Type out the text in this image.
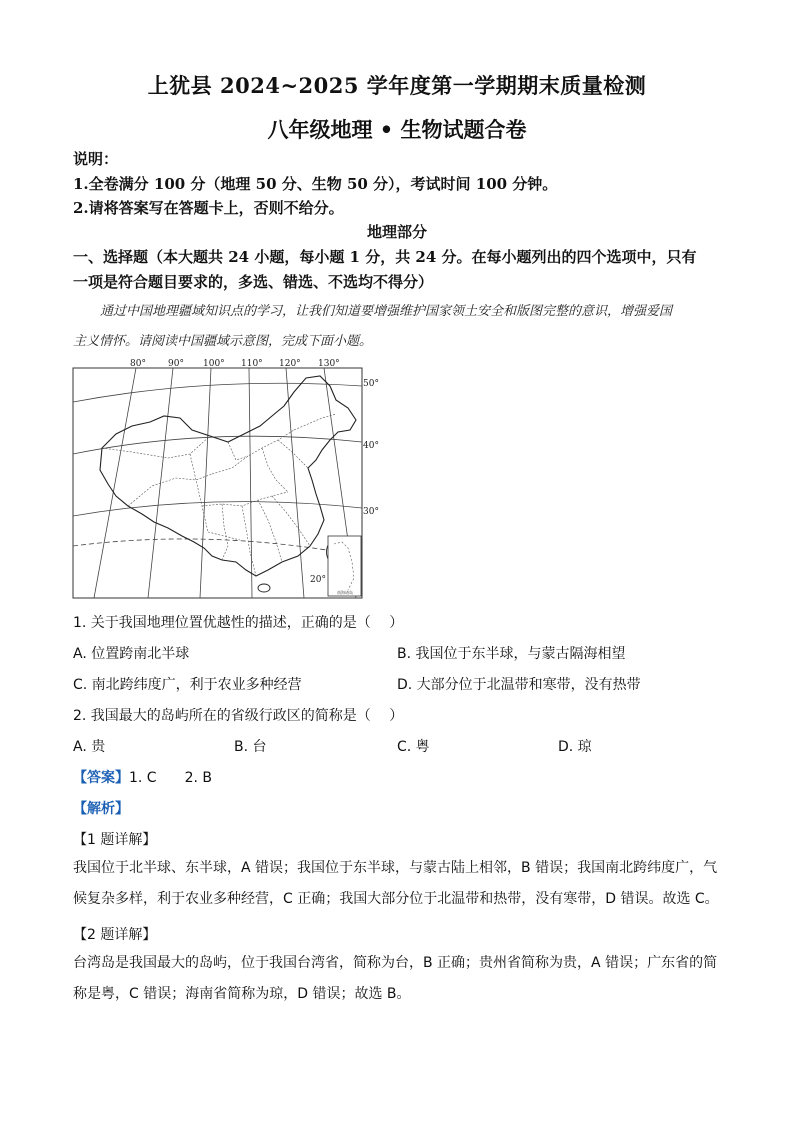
上犹县 2024~2025 学年度第一学期期末质量检测
八年级地理 • 生物试题合卷
说明：
1.全卷满分 100 分（地理 50 分、生物 50 分），考试时间 100 分钟。
2.请将答案写在答题卡上，否则不给分。
地理部分
一、选择题（本大题共 24 小题，每小题 1 分，共 24 分。在每小题列出的四个选项中，只有
一项是符合题目要求的，多选、错选、不选均不得分）
通过中国地理疆域知识点的学习，让我们知道要增强维护国家领土安全和版图完整的意识，增强爱国
主义情怀。请阅读中国疆域示意图，完成下面小题。
80° 90° 100° 110° 120° 130°
50°
40°
30°
20°
南海诸岛
1. 关于我国地理位置优越性的描述，正确的是（　 ）
A. 位置跨南北半球	B. 我国位于东半球，与蒙古隔海相望
C. 南北跨纬度广，利于农业多种经营	D. 大部分位于北温带和寒带，没有热带
2. 我国最大的岛屿所在的省级行政区的简称是（　 ）
A. 贵	B. 台	C. 粤	D. 琼
【答案】1. C　　2. B
【解析】
【1 题详解】
我国位于北半球、东半球，A 错误；我国位于东半球，与蒙古陆上相邻，B 错误；我国南北跨纬度广，气候复杂多样，利于农业多种经营，C 正确；我国大部分位于北温带和热带，没有寒带，D 错误。故选 C。
【2 题详解】
台湾岛是我国最大的岛屿，位于我国台湾省，简称为台，B 正确；贵州省简称为贵，A 错误；广东省的简称是粤，C 错误；海南省简称为琼，D 错误；故选 B。
